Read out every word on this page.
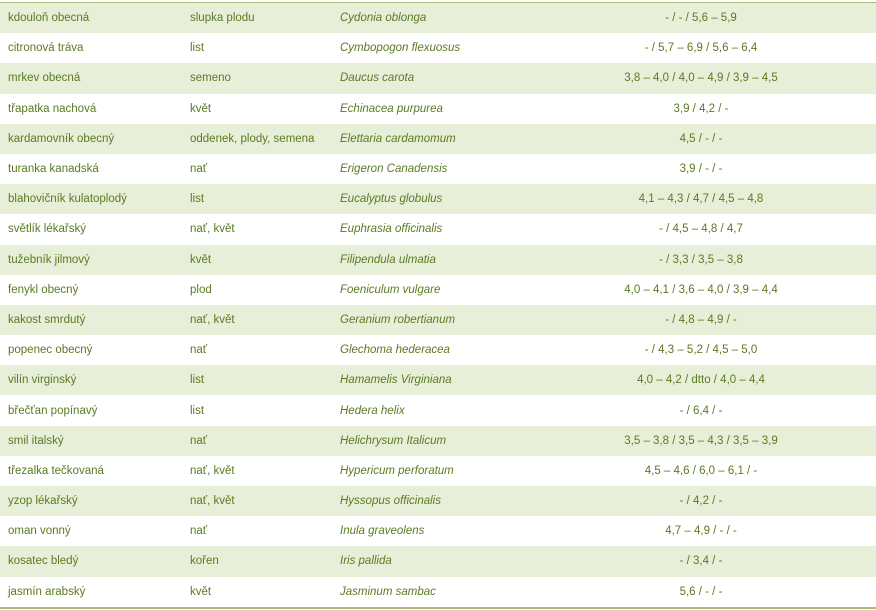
kdouloň obecná	slupka plodu	Cydonia oblonga	- / - / 5,6 – 5,9
citronová tráva	list	Cymbopogon flexuosus	- / 5,7 – 6,9 / 5,6 – 6,4
mrkev obecná	semeno	Daucus carota	3,8 – 4,0 / 4,0 – 4,9 / 3,9 – 4,5
třapatka nachová	květ	Echinacea purpurea	3,9 / 4,2 / -
kardamovník obecný	oddenek, plody, semena	Elettaria cardamomum	4,5 / - / -
turanka kanadská	nať	Erigeron Canadensis	3,9 / - / -
blahovičník kulatoplodý	list	Eucalyptus globulus	4,1 – 4,3 / 4,7 / 4,5 – 4,8
světlík lékařský	nať, květ	Euphrasia officinalis	- / 4,5 – 4,8 / 4,7
tužebník jilmový	květ	Filipendula ulmatia	- / 3,3 / 3,5 – 3,8
fenykl obecný	plod	Foeniculum vulgare	4,0 – 4,1 / 3,6 – 4,0 / 3,9 – 4,4
kakost smrdutý	nať, květ	Geranium robertianum	- / 4,8 – 4,9 / -
popenec obecný	nať	Glechoma hederacea	- / 4,3 – 5,2 / 4,5 – 5,0
vilín virginský	list	Hamamelis Virginiana	4,0 – 4,2 / dtto / 4,0 – 4,4
břečťan popínavý	list	Hedera helix	- / 6,4 / -
smil italský	nať	Helichrysum Italicum	3,5 – 3,8 / 3,5 – 4,3 / 3,5 – 3,9
třezalka tečkovaná	nať, květ	Hypericum perforatum	4,5 – 4,6 / 6,0 – 6,1 / -
yzop lékařský	nať, květ	Hyssopus officinalis	- / 4,2 / -
oman vonný	nať	Inula graveolens	4,7 – 4,9 / - / -
kosatec bledý	kořen	Iris pallida	- / 3,4 / -
jasmín arabský	květ	Jasminum sambac	5,6 / - / -
